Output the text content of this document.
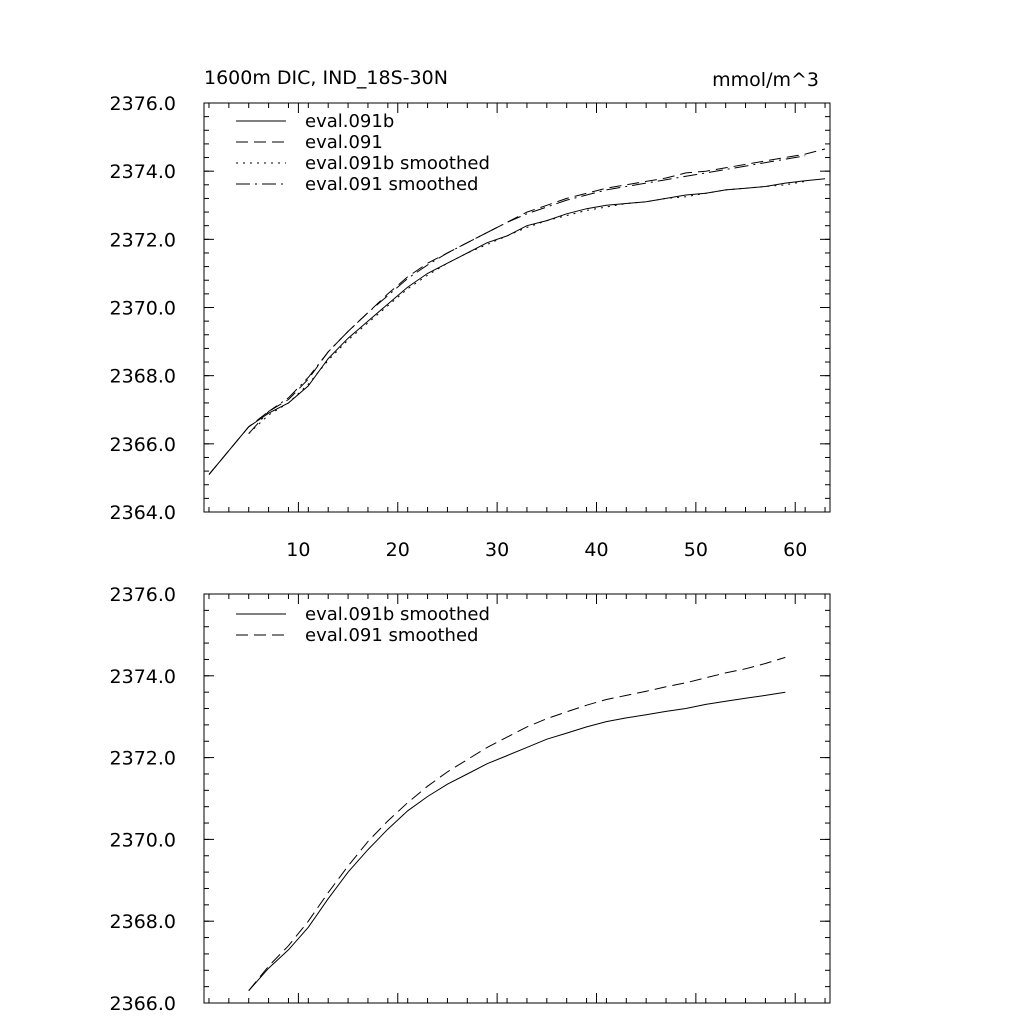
1600m DIC, IND_18S-30N	mmol/m^3
10	20	30	40	50	60
2364.0
2366.0
2368.0
2370.0
2372.0
2374.0
2376.0
eval.091b
eval.091
eval.091b smoothed
eval.091 smoothed
2366.0
2368.0
2370.0
2372.0
2374.0
2376.0
eval.091b smoothed
eval.091 smoothed
